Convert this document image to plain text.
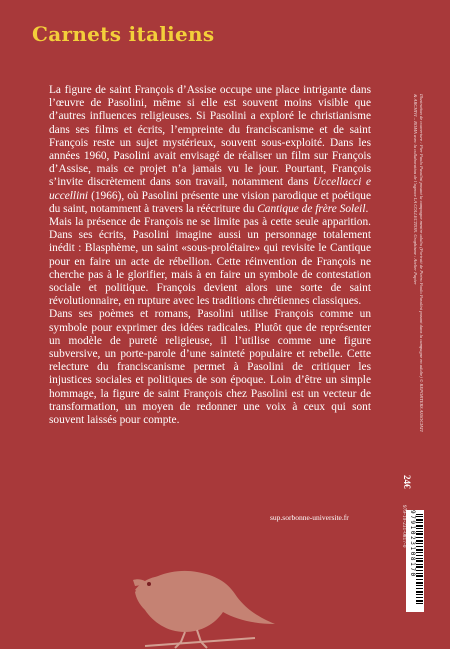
Carnets italiens

La figure de saint François d’Assise occupe une place intrigante dans l’œuvre de Pasolini, même si elle est souvent moins visible que d’autres influences religieuses. Si Pasolini a exploré le christianisme dans ses films et écrits, l’empreinte du franciscanisme et de saint François reste un sujet mystérieux, souvent sous-exploité. Dans les années 1960, Pasolini avait envisagé de réaliser un film sur François d’Assise, mais ce projet n’a jamais vu le jour. Pourtant, François s’invite discrètement dans son travail, notamment dans Uccellacci e uccellini (1966), où Pasolini présente une vision parodique et poétique du saint, notamment à travers la réécriture du Cantique de frère Soleil.

Mais la présence de François ne se limite pas à cette seule apparition. Dans ses écrits, Pasolini imagine aussi un personnage totalement inédit : Blasphème, un saint «sous-prolétaire» qui revisite le Cantique pour en faire un acte de rébellion. Cette réinvention de François ne cherche pas à le glorifier, mais à en faire un symbole de contestation sociale et politique. François devient alors une sorte de saint révolutionnaire, en rupture avec les traditions chrétiennes classiques.

Dans ses poèmes et romans, Pasolini utilise François comme un symbole pour exprimer des idées radicales. Plutôt que de représenter un modèle de pureté religieuse, il l’utilise comme une figure subversive, un porte-parole d’une sainteté populaire et rebelle. Cette relecture du franciscanisme permet à Pasolini de critiquer les injustices sociales et politiques de son époque. Loin d’être un simple hommage, la figure de saint François chez Pasolini est un vecteur de transformation, un moyen de redonner une voix à ceux qui sont souvent laissés pour compte.

sup.sorbonne-universite.fr
Illustration de couverture : Pier Paolo Pasolini posant la campagne mentre adulto (Portrait de Pietro Paolo Pasolini posant dans la campagne en adulte) © REPORTERS ASSOCIATI & ARCHIVI – ROMA avec la collaboration de l’agence LA COLLECTION. Graphisme : Atelier Papier
24€
979-10-231-0817-0 9791023108170
